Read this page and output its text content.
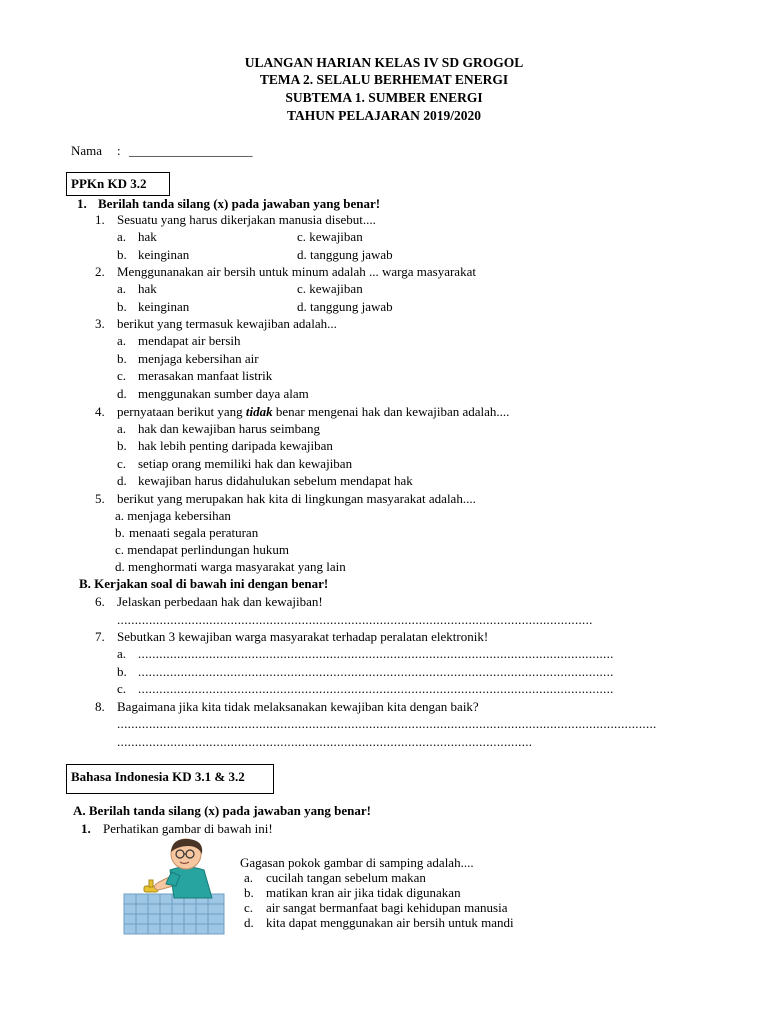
ULANGAN HARIAN KELAS IV SD GROGOL
TEMA 2. SELALU BERHEMAT ENERGI
SUBTEMA 1. SUMBER ENERGI
TAHUN PELAJARAN 2019/2020
Nama : ___________________
PPKn KD 3.2
1. Berilah tanda silang (x) pada jawaban yang benar!
1. Sesuatu yang harus dikerjakan manusia disebut....
a. hak	c. kewajiban
b. keinginan	d. tanggung jawab
2. Menggunanakan air bersih untuk minum adalah ... warga masyarakat
a. hak	c. kewajiban
b. keinginan	d. tanggung jawab
3. berikut yang termasuk kewajiban adalah...
a. mendapat air bersih
b. menjaga kebersihan air
c. merasakan manfaat listrik
d. menggunakan sumber daya alam
4. pernyataan berikut yang tidak benar mengenai hak dan kewajiban adalah....
a. hak dan kewajiban harus seimbang
b. hak lebih penting daripada kewajiban
c. setiap orang memiliki hak dan kewajiban
d. kewajiban harus didahulukan sebelum mendapat hak
5. berikut yang merupakan hak kita di lingkungan masyarakat adalah....
a. menjaga kebersihan
b. menaati segala peraturan
c. mendapat perlindungan hukum
d. menghormati warga masyarakat yang lain
B. Kerjakan soal di bawah ini dengan benar!
6. Jelaskan perbedaan hak dan kewajiban!
......................................................................................................................................
7. Sebutkan 3 kewajiban warga masyarakat terhadap peralatan elektronik!
a. ......................................................................................................................................
b. ......................................................................................................................................
c. ......................................................................................................................................
8. Bagaimana jika kita tidak melaksanakan kewajiban kita dengan baik?
........................................................................................................................................................
.....................................................................................................................
Bahasa Indonesia KD 3.1 & 3.2
A. Berilah tanda silang (x) pada jawaban yang benar!
1. Perhatikan gambar di bawah ini!
Gagasan pokok gambar di samping adalah....
a. cucilah tangan sebelum makan
b. matikan kran air jika tidak digunakan
c. air sangat bermanfaat bagi kehidupan manusia
d. kita dapat menggunakan air bersih untuk mandi
